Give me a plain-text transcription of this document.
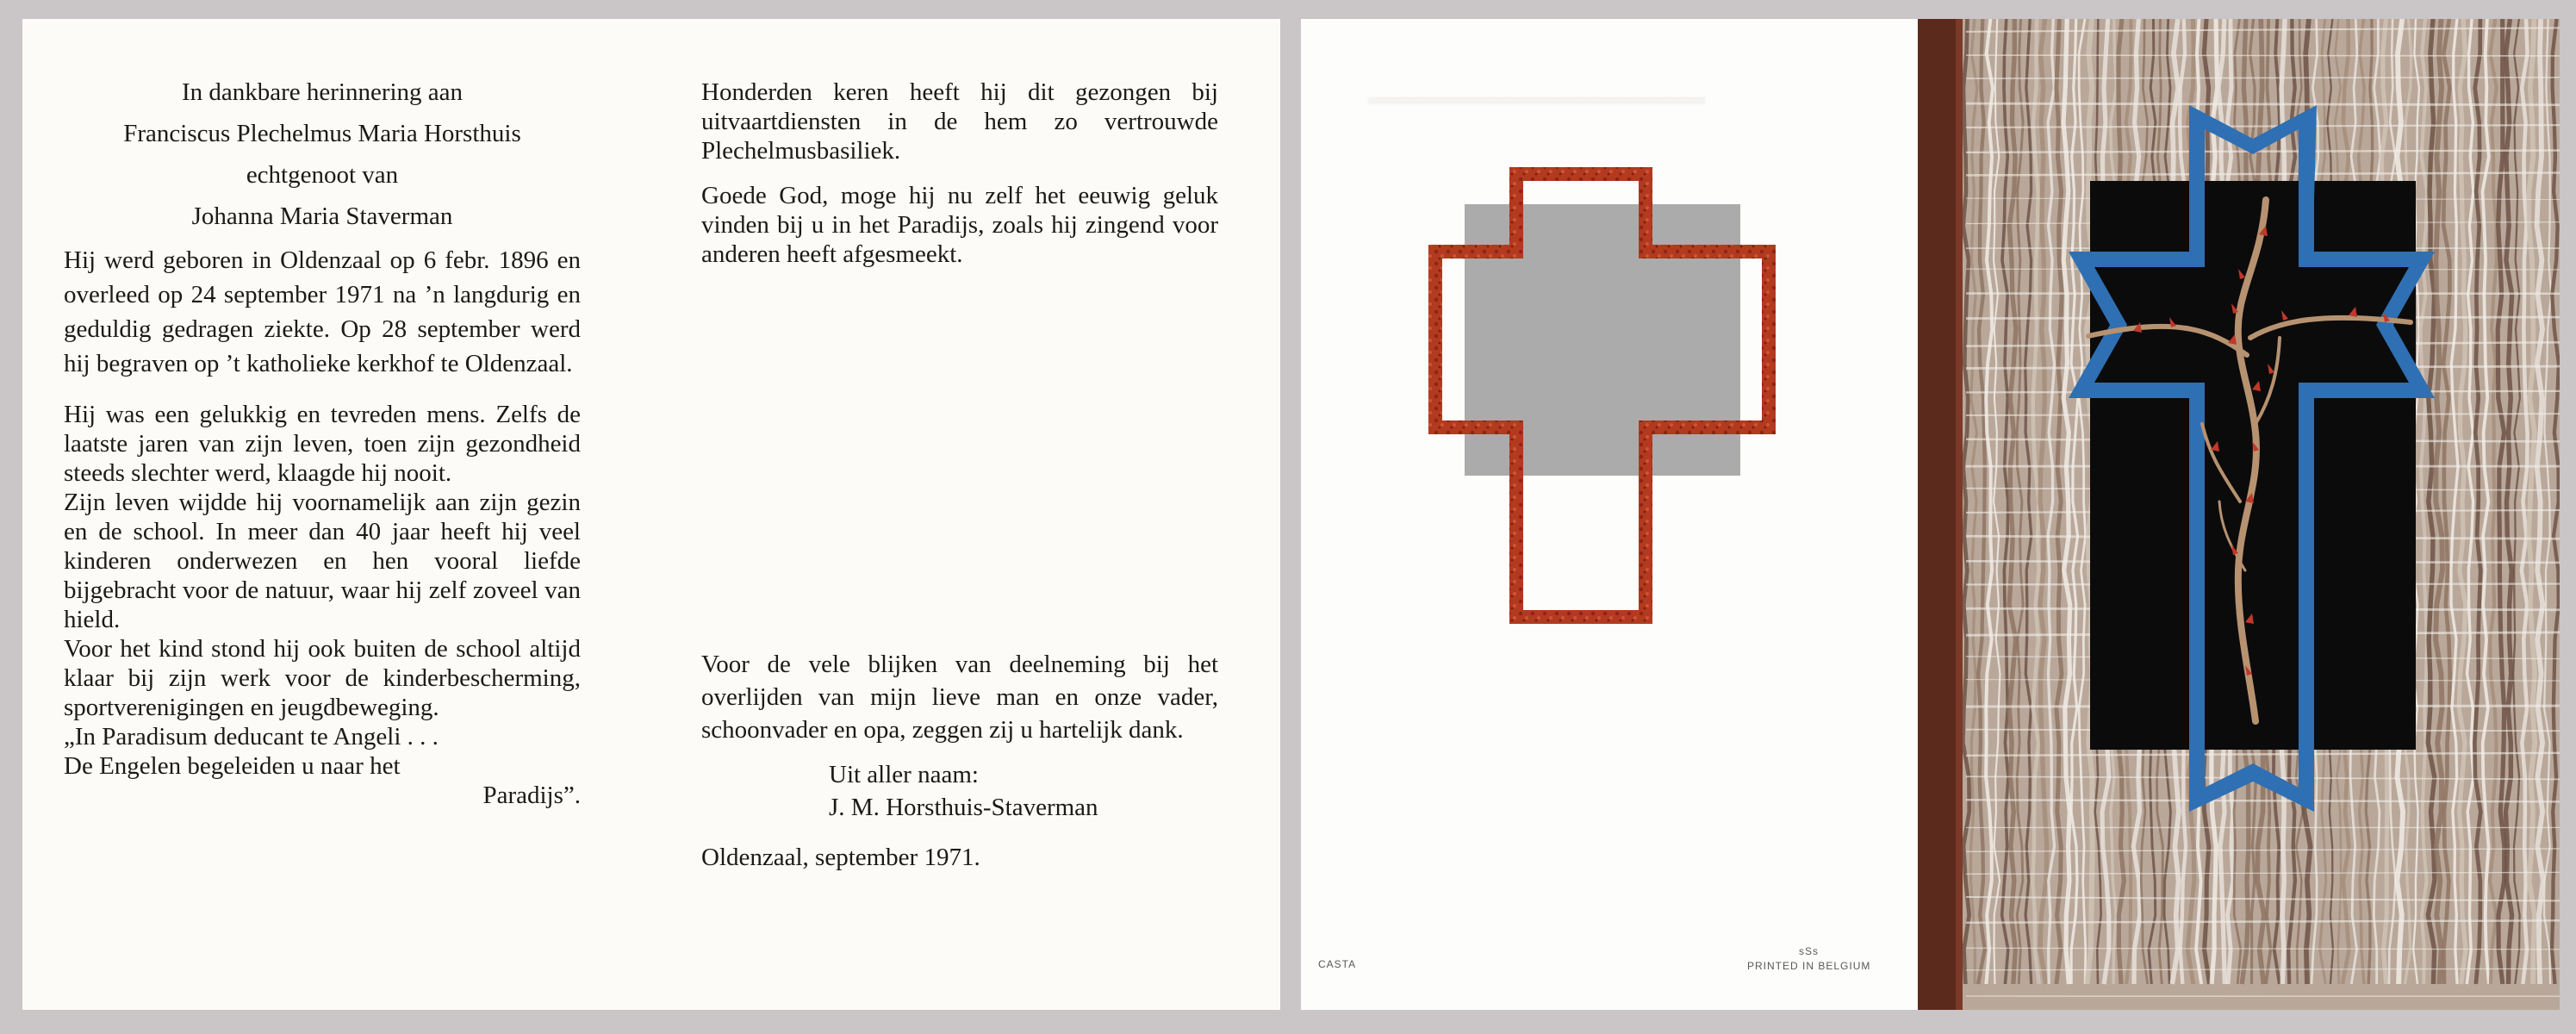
In dankbare herinnering aan

Franciscus Plechelmus Maria Horsthuis

echtgenoot van

Johanna Maria Staverman

Hij werd geboren in Oldenzaal op 6 febr. 1896 en overleed op 24 september 1971 na ’n langdurig en geduldig gedragen ziekte. Op 28 september werd hij begraven op ’t katholieke kerkhof te Oldenzaal.

Hij was een gelukkig en tevreden mens. Zelfs de laatste jaren van zijn leven, toen zijn gezondheid steeds slechter werd, klaagde hij nooit.

Zijn leven wijdde hij voornamelijk aan zijn gezin en de school. In meer dan 40 jaar heeft hij veel kinderen onderwezen en hen vooral liefde bijgebracht voor de natuur, waar hij zelf zoveel van hield.

Voor het kind stond hij ook buiten de school altijd klaar bij zijn werk voor de kinderbescherming, sportverenigingen en jeugdbeweging.

„In Paradisum deducant te Angeli . . .

De Engelen begeleiden u naar het

Paradijs”.

Honderden keren heeft hij dit gezongen bij uitvaartdiensten in de hem zo vertrouwde Plechelmusbasiliek.

Goede God, moge hij nu zelf het eeuwig geluk vinden bij u in het Paradijs, zoals hij zingend voor anderen heeft afgesmeekt.

Voor de vele blijken van deelneming bij het overlijden van mijn lieve man en onze vader, schoonvader en opa, zeggen zij u hartelijk dank.

Uit aller naam:

J. M. Horsthuis-Staverman

Oldenzaal, september 1971.

═══════════════════════
CASTA
sSs
PRINTED IN BELGIUM
